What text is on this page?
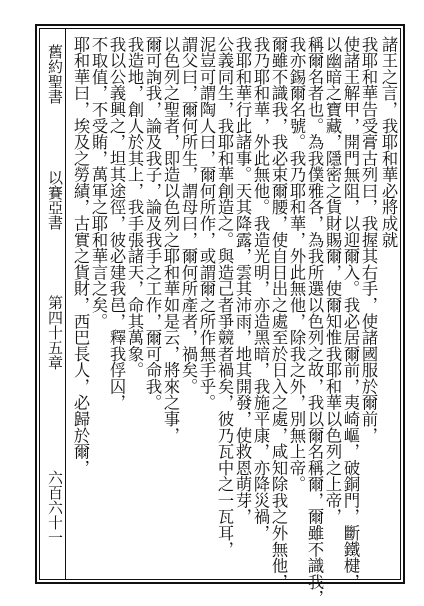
諸王之言，我耶和華必將成就
我耶和華告受膏古列曰，我握其右手，使諸國服於爾前，
使諸王解甲，開門無阻，以迎爾入。我必居爾前，夷崎嶇，破銅門，斷鐵楗，
以幽暗之寶藏，隱密之貨財賜爾，使爾知惟我耶和華以色列之上帝，
稱爾名者也。為我僕雅各，為我所選以色列之故，我以爾名稱爾，爾雖不識我，
我亦錫爾名號。我乃耶和華，外此無他，除我之外，別無上帝。
爾雖不識我，我必束爾腰，使自日出之處至於日入之處，咸知除我之外無他，
我乃耶和華，外此無他。我造光明，亦造黑暗，我施平康，亦降災禍，
我耶和華行此諸事。天其降露，雲其沛雨，地其開發，使救恩萌芽，
公義同生，我耶和華創造之。與造己者爭競者禍矣，彼乃瓦中之一瓦耳，
泥豈可謂陶人曰，爾何所作，或謂爾之所作無手乎。
謂父曰，爾何所生，謂母曰，爾何所產者，禍矣。
以色列之聖者，即造以色列之耶和華如是云，將來之事，
爾可詢我，論及我子，論及我手之工作，爾可命我。
我造地，創人於其上，我手張諸天，命其萬象。
我以公義興之，坦其途徑，彼必建我邑，釋我俘囚，
不取值，不受賄，萬軍之耶和華言之矣。
耶和華曰，埃及之勞績，古實之貨財，西巴長人，必歸於爾，
舊約聖書
以賽亞書
第四十五章
六百六十一
